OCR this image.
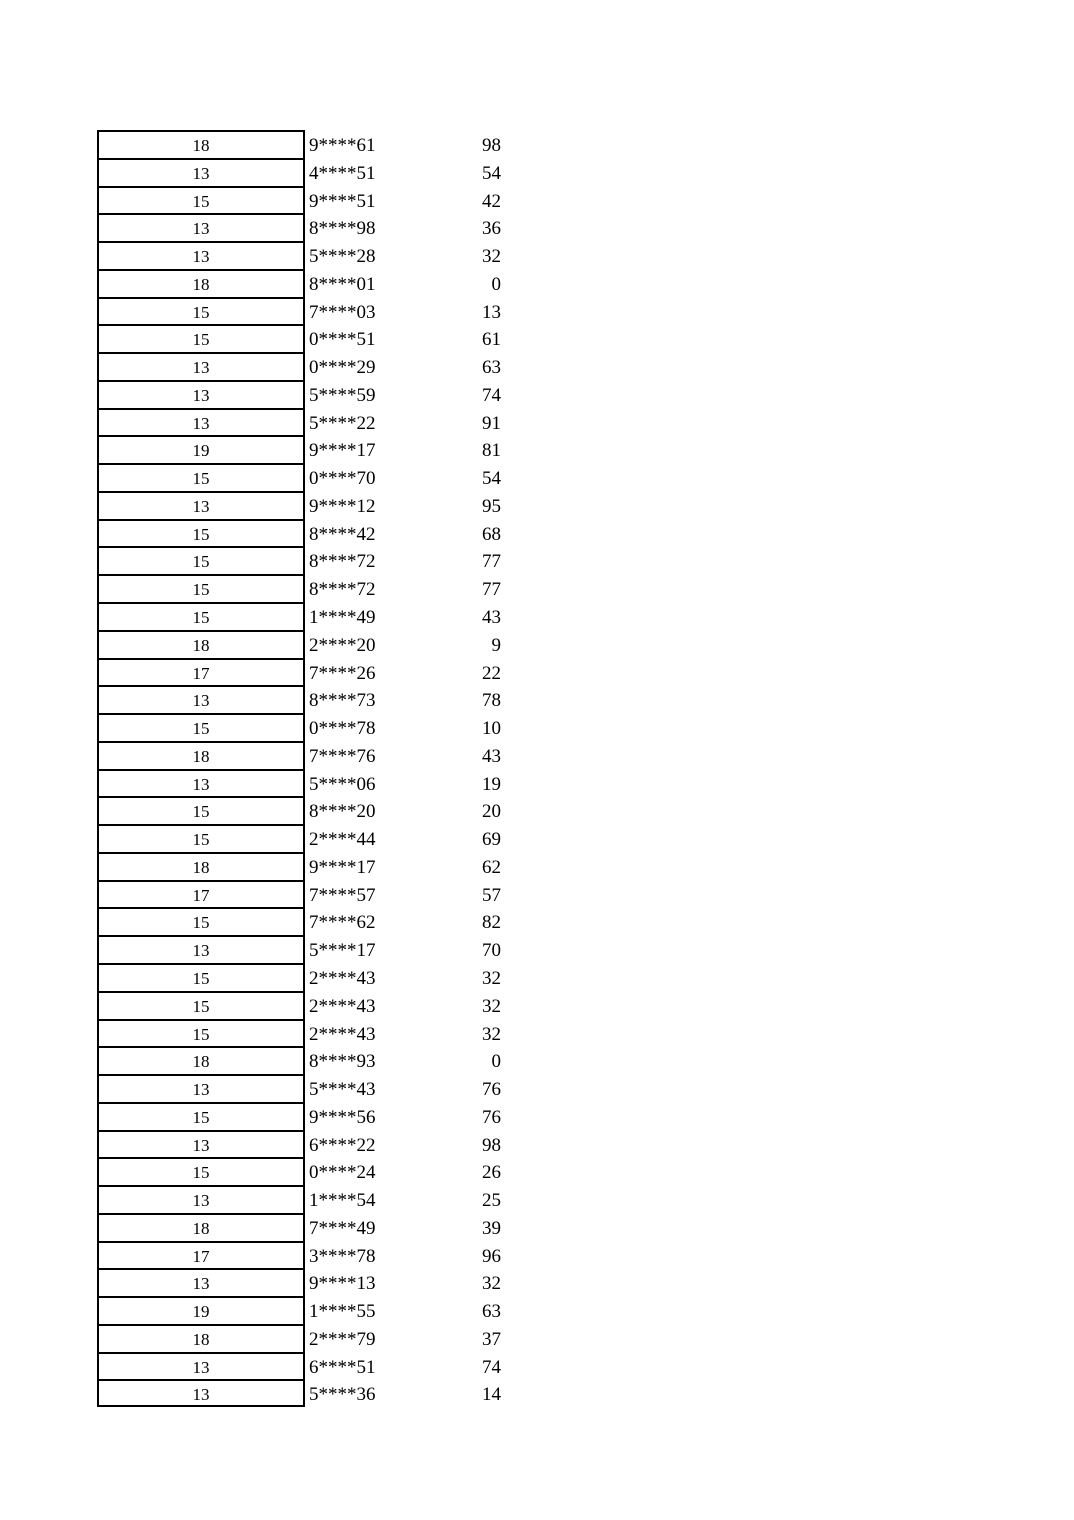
18	9****61	98
13	4****51	54
15	9****51	42
13	8****98	36
13	5****28	32
18	8****01	0
15	7****03	13
15	0****51	61
13	0****29	63
13	5****59	74
13	5****22	91
19	9****17	81
15	0****70	54
13	9****12	95
15	8****42	68
15	8****72	77
15	8****72	77
15	1****49	43
18	2****20	9
17	7****26	22
13	8****73	78
15	0****78	10
18	7****76	43
13	5****06	19
15	8****20	20
15	2****44	69
18	9****17	62
17	7****57	57
15	7****62	82
13	5****17	70
15	2****43	32
15	2****43	32
15	2****43	32
18	8****93	0
13	5****43	76
15	9****56	76
13	6****22	98
15	0****24	26
13	1****54	25
18	7****49	39
17	3****78	96
13	9****13	32
19	1****55	63
18	2****79	37
13	6****51	74
13	5****36	14
